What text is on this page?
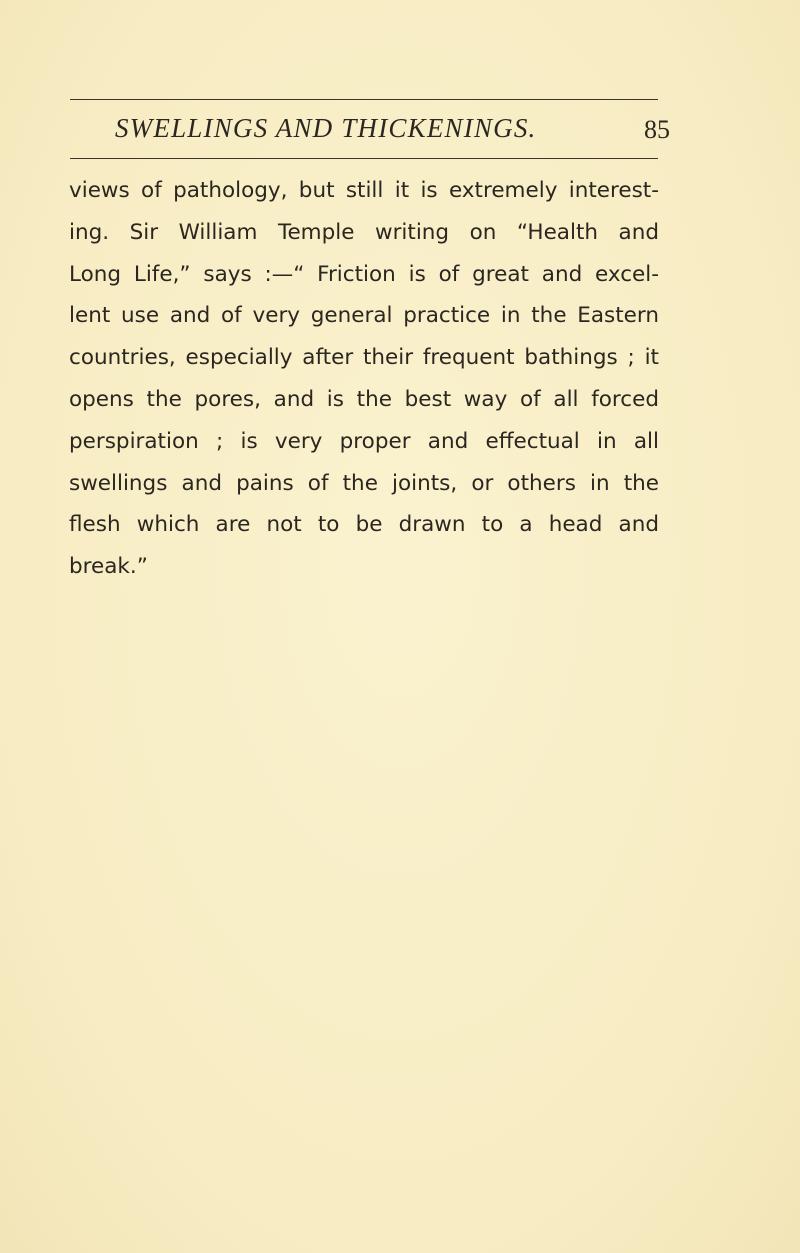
SWELLINGS AND THICKENINGS.	85
views of pathology, but still it is extremely interest-
ing. Sir William Temple writing on “Health and
Long Life,” says :—“ Friction is of great and excel-
lent use and of very general practice in the Eastern
countries, especially after their frequent bathings ; it
opens the pores, and is the best way of all forced
perspiration ; is very proper and effectual in all
swellings and pains of the joints, or others in the
flesh which are not to be drawn to a head and
break.”
